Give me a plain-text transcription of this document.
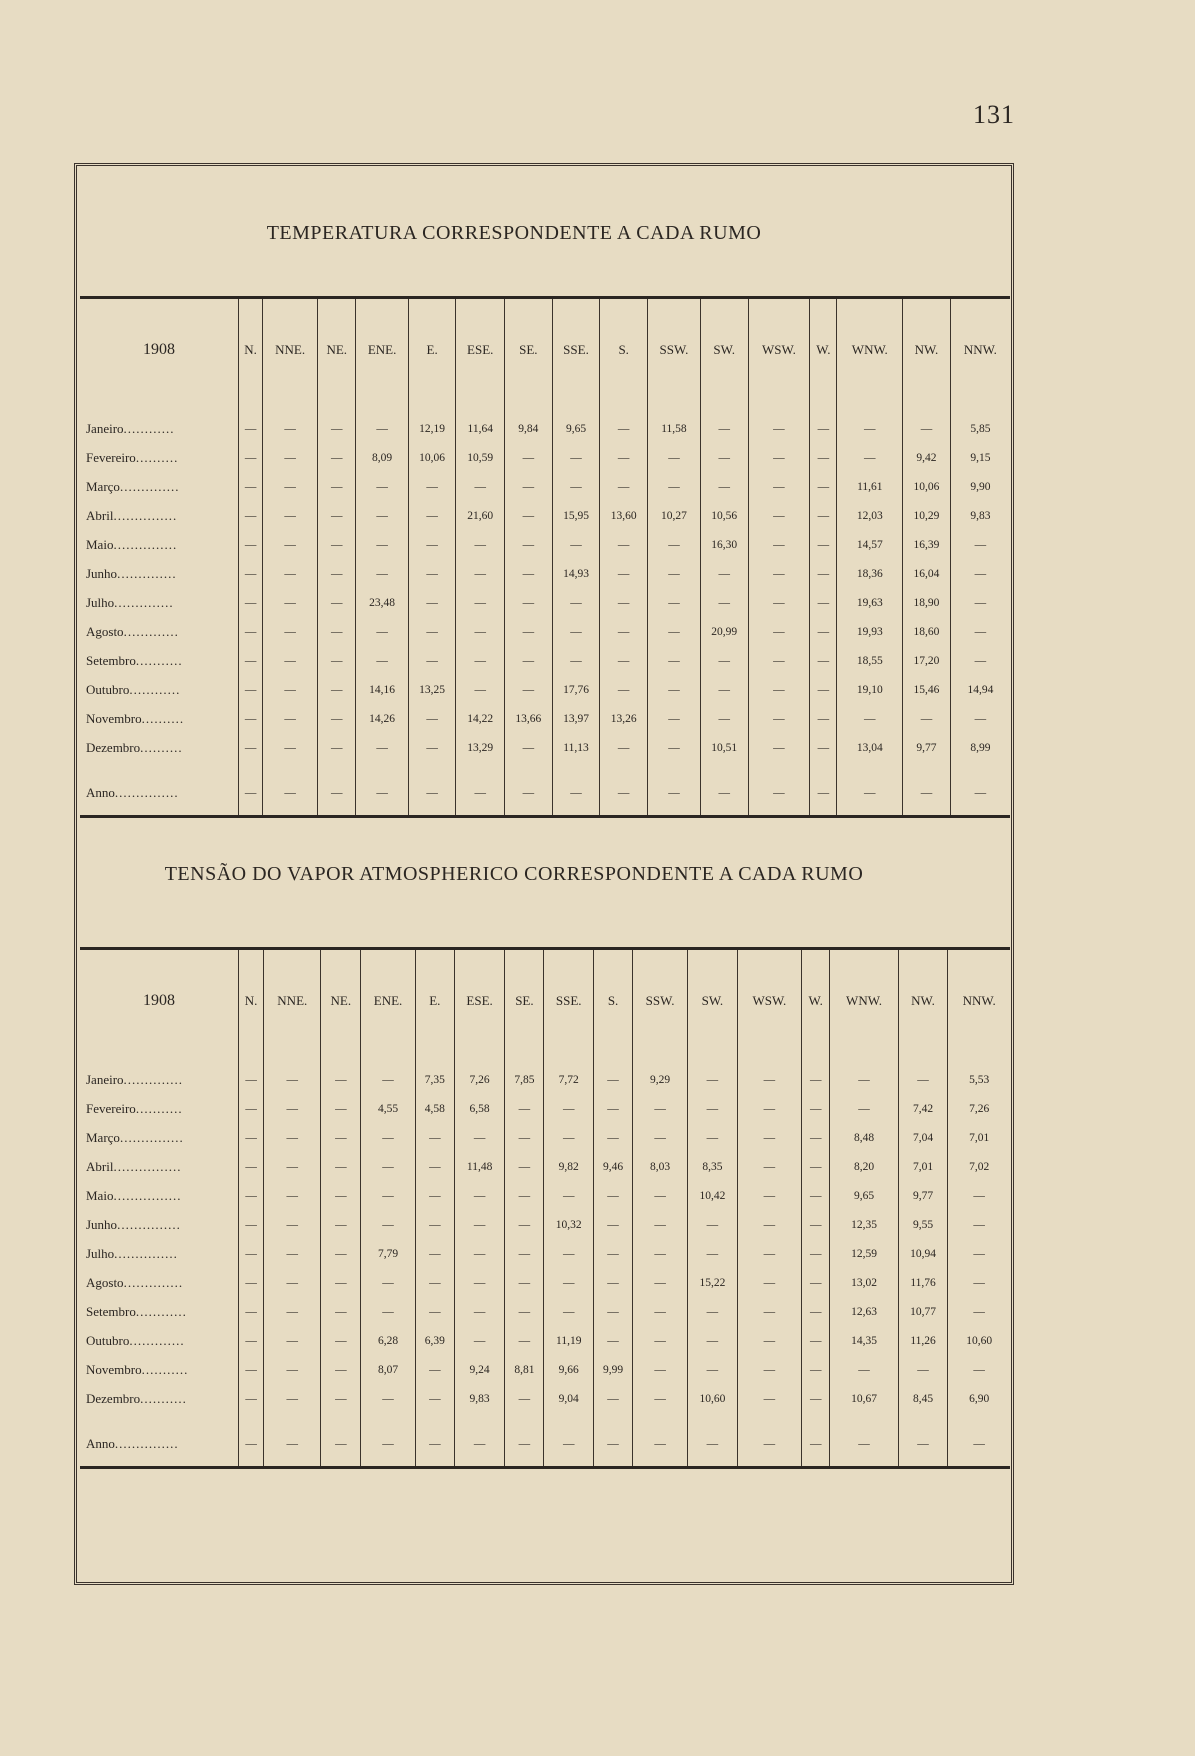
131
TEMPERATURA CORRESPONDENTE A CADA RUMO
1908	N.	NNE.	NE.	ENE.	E.	ESE.	SE.	SSE.	S.	SSW.	SW.	WSW.	W.	WNW.	NW.	NNW.
Janeiro............	—	—	—	—	12,19	11,64	9,84	9,65	—	11,58	—	—	—	—	—	5,85
Fevereiro..........	—	—	—	8,09	10,06	10,59	—	—	—	—	—	—	—	—	9,42	9,15
Março..............	—	—	—	—	—	—	—	—	—	—	—	—	—	11,61	10,06	9,90
Abril...............	—	—	—	—	—	21,60	—	15,95	13,60	10,27	10,56	—	—	12,03	10,29	9,83
Maio...............	—	—	—	—	—	—	—	—	—	—	16,30	—	—	14,57	16,39	—
Junho..............	—	—	—	—	—	—	—	14,93	—	—	—	—	—	18,36	16,04	—
Julho..............	—	—	—	23,48	—	—	—	—	—	—	—	—	—	19,63	18,90	—
Agosto.............	—	—	—	—	—	—	—	—	—	—	20,99	—	—	19,93	18,60	—
Setembro...........	—	—	—	—	—	—	—	—	—	—	—	—	—	18,55	17,20	—
Outubro............	—	—	—	14,16	13,25	—	—	17,76	—	—	—	—	—	19,10	15,46	14,94
Novembro..........	—	—	—	14,26	—	14,22	13,66	13,97	13,26	—	—	—	—	—	—	—
Dezembro..........	—	—	—	—	—	13,29	—	11,13	—	—	10,51	—	—	13,04	9,77	8,99
Anno...............	—	—	—	—	—	—	—	—	—	—	—	—	—	—	—	—
TENSÃO DO VAPOR ATMOSPHERICO CORRESPONDENTE A CADA RUMO
1908	N.	NNE.	NE.	ENE.	E.	ESE.	SE.	SSE.	S.	SSW.	SW.	WSW.	W.	WNW.	NW.	NNW.
Janeiro..............	—	—	—	—	7,35	7,26	7,85	7,72	—	9,29	—	—	—	—	—	5,53
Fevereiro...........	—	—	—	4,55	4,58	6,58	—	—	—	—	—	—	—	—	7,42	7,26
Março...............	—	—	—	—	—	—	—	—	—	—	—	—	—	8,48	7,04	7,01
Abril................	—	—	—	—	—	11,48	—	9,82	9,46	8,03	8,35	—	—	8,20	7,01	7,02
Maio................	—	—	—	—	—	—	—	—	—	—	10,42	—	—	9,65	9,77	—
Junho...............	—	—	—	—	—	—	—	10,32	—	—	—	—	—	12,35	9,55	—
Julho...............	—	—	—	7,79	—	—	—	—	—	—	—	—	—	12,59	10,94	—
Agosto..............	—	—	—	—	—	—	—	—	—	—	15,22	—	—	13,02	11,76	—
Setembro............	—	—	—	—	—	—	—	—	—	—	—	—	—	12,63	10,77	—
Outubro.............	—	—	—	6,28	6,39	—	—	11,19	—	—	—	—	—	14,35	11,26	10,60
Novembro...........	—	—	—	8,07	—	9,24	8,81	9,66	9,99	—	—	—	—	—	—	—
Dezembro...........	—	—	—	—	—	9,83	—	9,04	—	—	10,60	—	—	10,67	8,45	6,90
Anno...............	—	—	—	—	—	—	—	—	—	—	—	—	—	—	—	—
